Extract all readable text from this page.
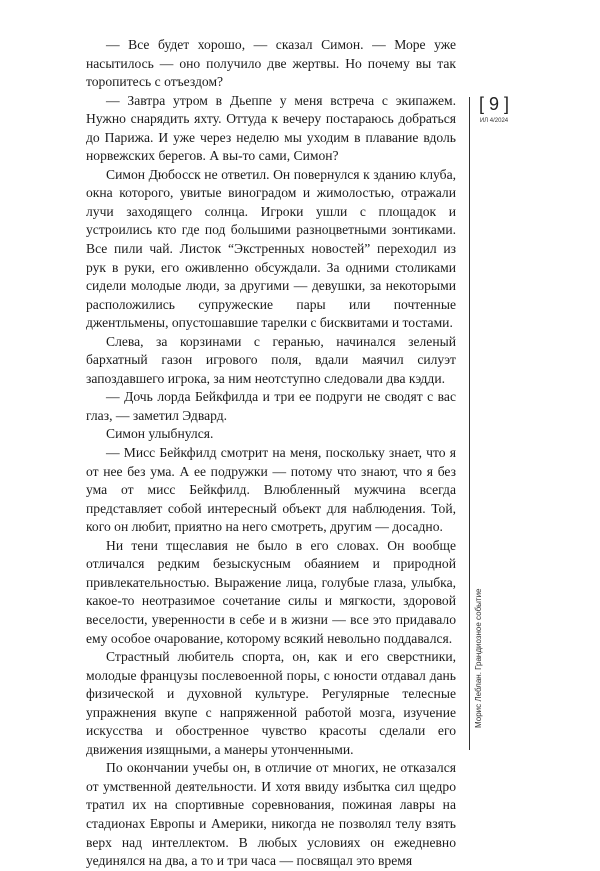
— Все будет хорошо, — сказал Симон. — Море уже насытилось — оно получило две жертвы. Но почему вы так торопитесь с отъездом?

— Завтра утром в Дьеппе у меня встреча с экипажем. Нужно снарядить яхту. Оттуда к вечеру постараюсь добраться до Парижа. И уже через неделю мы уходим в плавание вдоль норвежских берегов. А вы-то сами, Симон?

Симон Дюбосск не ответил. Он повернулся к зданию клуба, окна которого, увитые виноградом и жимолостью, отражали лучи заходящего солнца. Игроки ушли с площадок и устроились кто где под большими разноцветными зонтиками. Все пили чай. Листок “Экстренных новостей” переходил из рук в руки, его оживленно обсуждали. За одними столиками сидели молодые люди, за другими — девушки, за некоторыми расположились супружеские пары или почтенные джентльмены, опустошавшие тарелки с бисквитами и тостами.

Слева, за корзинами с геранью, начинался зеленый бархатный газон игрового поля, вдали маячил силуэт запоздавшего игрока, за ним неотступно следовали два кэдди.

— Дочь лорда Бейкфилда и три ее подруги не сводят с вас глаз, — заметил Эдвард.

Симон улыбнулся.

— Мисс Бейкфилд смотрит на меня, поскольку знает, что я от нее без ума. А ее подружки — потому что знают, что я без ума от мисс Бейкфилд. Влюбленный мужчина всегда представляет собой интересный объект для наблюдения. Той, кого он любит, приятно на него смотреть, другим — досадно.

Ни тени тщеславия не было в его словах. Он вообще отличался редким безыскусным обаянием и природной привлекательностью. Выражение лица, голубые глаза, улыбка, какое-то неотразимое сочетание силы и мягкости, здоровой веселости, уверенности в себе и в жизни — все это придавало ему особое очарование, которому всякий невольно поддавался.

Страстный любитель спорта, он, как и его сверстники, молодые французы послевоенной поры, с юности отдавал дань физической и духовной культуре. Регулярные телесные упражнения вкупе с напряженной работой мозга, изучение искусства и обостренное чувство красоты сделали его движения изящными, а манеры утонченными.

По окончании учебы он, в отличие от многих, не отказался от умственной деятельности. И хотя ввиду избытка сил щедро тратил их на спортивные соревнования, пожиная лавры на стадионах Европы и Америки, никогда не позволял телу взять верх над интеллектом. В любых условиях он ежедневно уединялся на два, а то и три часа — посвящал это время

[ 9 ]
ИЛ 4/2024
Морис Леблан. Грандиозное событие
